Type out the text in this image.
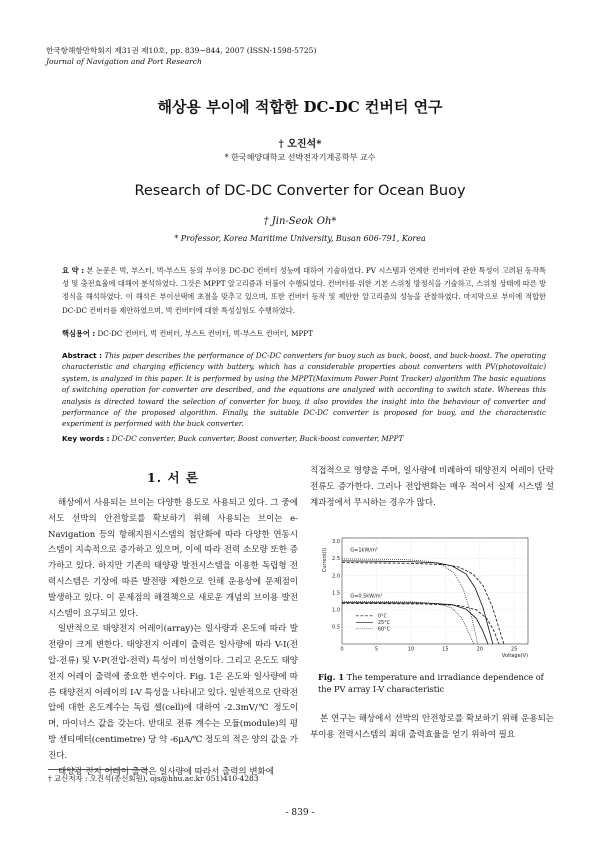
한국항해항만학회지 제31권 제10호, pp. 839~844, 2007 (ISSN-1598-5725)
Journal of Navigation and Port Research
해상용 부이에 적합한 DC-DC 컨버터 연구
† 오진석*
* 한국해양대학교 선박전자기계공학부 교수
Research of DC-DC Converter for Ocean Buoy
† Jin-Seok Oh*
* Professor, Korea Maritime University, Busan 606-791, Korea
요 약 : 본 논문은 벅, 부스터, 벅-부스트 등의 부이용 DC-DC 컨버터 성능에 대하여 기술하였다. PV 시스템과 연계한 컨버터에 관한 특성이 고려된 동작특성 및 충전효율에 대해여 분석하였다. 그것은 MPPT 알고리즘과 더불어 수행되었다. 컨버터를 위한 기본 스위칭 방정식을 기술하고, 스위칭 상태에 따른 방정식을 해석하였다. 이 해석은 부이선택에 초점을 맞추고 있으며, 또한 컨버터 동작 및 제안한 알고리즘의 성능을 관찰하였다. 마지막으로 부이에 적합한 DC-DC 컨버터를 제안하였으며, 벅 컨버터에 대한 특성실험도 수행하였다.
핵심용어 : DC-DC 컨버터, 벅 컨버터, 부스트 컨버터, 벅-부스트 컨버터, MPPT
Abstract : This paper describes the performance of DC-DC converters for buoy such as buck, boost, and buck-boost. The operating characteristic and charging efficiency with battery, which has a considerable properties about converters with PV(photovoltaic) system, is analyzed in this paper. It is performed by using the MPPT(Maximum Power Point Tracker) algorithm The basic equations of switching operation for converter are described, and the equations are analyzed with according to switch state. Whereas this analysis is directed toward the selection of converter for buoy, it also provides the insight into the behaviour of converter and performance of the proposed algorithm. Finally, the suitable DC-DC converter is proposed for buoy, and the characteristic experiment is performed with the buck converter.
Key words : DC-DC converter, Buck converter, Boost converter, Buck-boost converter, MPPT
1. 서 론

해상에서 사용되는 브이는 다양한 용도로 사용되고 있다. 그 중에서도 선박의 안전항로를 확보하기 위해 사용되는 브이는 e-Navigation 등의 항해지원시스템의 첨단화에 따라 다양한 연동시스템이 지속적으로 증가하고 있으며, 이에 따라 전력 소모량 또한 증가하고 있다. 하지만 기존의 태양광 발전시스템을 이용한 독립형 전력시스템은 기상에 따른 발전량 제한으로 인해 운용상에 문제점이 발생하고 있다. 이 문제점의 해결책으로 새로운 개념의 브이용 발전시스템이 요구되고 있다.

일반적으로 태양전지 어레이(array)는 일사량과 온도에 따라 발전량이 크게 변한다. 태양전지 어레이 출력은 일사량에 따라 V-I(전압-전류) 및 V-P(전압-전력) 특성이 비선형이다. 그리고 온도도 태양전지 어레이 출력에 중요한 변수이다. Fig. 1은 온도와 일사량에 따른 태양전지 어레이의 I-V 특성을 나타내고 있다. 일반적으로 단락전압에 대한 온도계수는 독립 셀(cell)에 대하여 -2.3mV/℃ 정도이며, 마이너스 값을 갖는다. 반대로 전류 계수는 모듈(module)의 평방 센티메터(centimetre) 당 약 -6μA/℃ 정도의 적은 양의 값을 가진다.

태양광 전지 어레이 출력은 일사량에 따라서 출력의 변화에

직접적으로 영향을 주며, 일사량에 비례하여 태양전지 어레이 단락전류도 증가한다. 그러나 전압변화는 매우 적어서 실제 시스템 설계과정에서 무시하는 경우가 많다.
0.5
1.0
1.5
2.0
2.5
3.0
0	5	10	15	20	25
Voltage(V)
Current(I)	G=1kW/m²
G=0.5kW/m²
0°C
25°C
60°C
Fig. 1 The temperature and irradiance dependence of the PV array I-V characteristic
본 연구는 해상에서 선박의 안전항로를 확보하기 위해 운용되는 부이용 전력시스템의 최대 출력효율을 얻기 위하여 필요
† 교신저자 : 오진석(종신회원), ojs@hhu.ac.kr 051)410-4283
- 839 -
